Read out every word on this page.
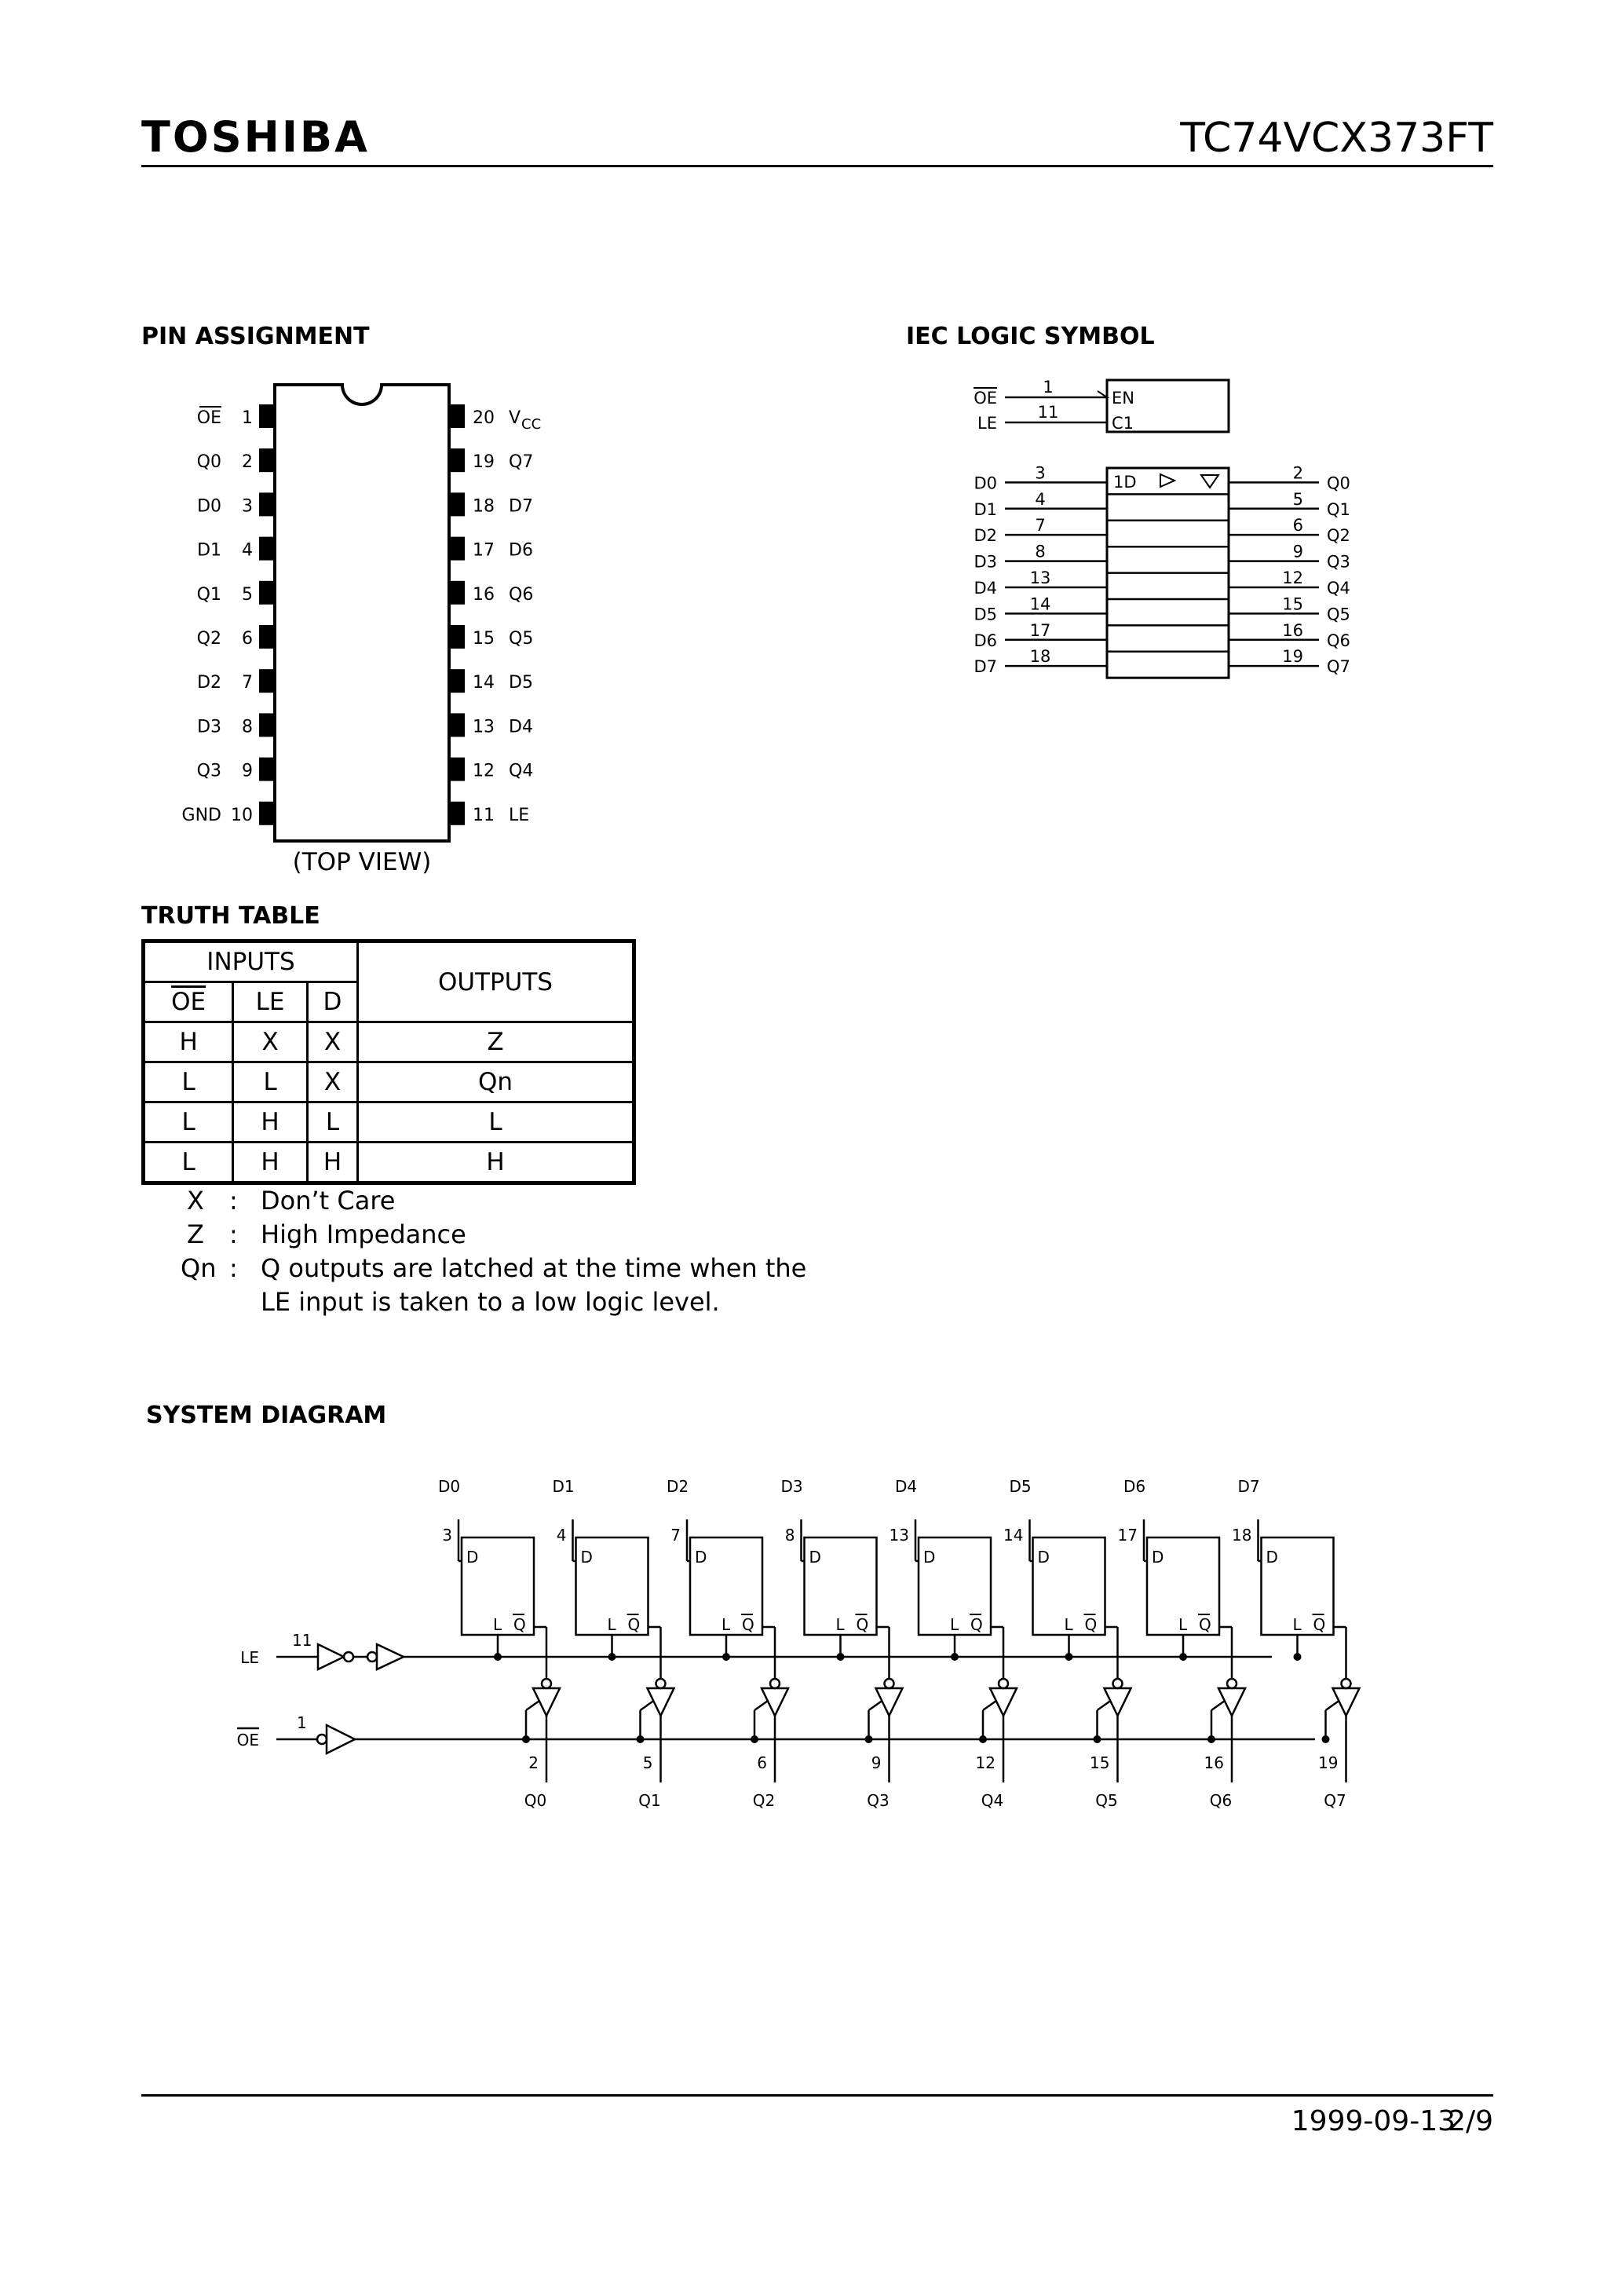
TOSHIBA	TC74VCX373FT
PIN ASSIGNMENT	IEC LOGIC SYMBOL
1
OE
2
Q0
3
D0
4
D1
5
Q1
6
Q2
7
D2
8
D3
9
Q3
10
GND
20 V CC
19 Q7
18 D7
17 D6
16 Q6
15 Q5
14 D5
13 D4
12 Q4
11 LE
(TOP VIEW)
OE
1
EN
LE
11
C1
1D
D0
3
D1
4
D2
7
D3
8
D4
13
D5
14
D6
17
D7
18
Q0
2
Q1
5
Q2
6
Q3
9
Q4
12
Q5
15
Q6
16
Q7
19
TRUTH TABLE
INPUTS			OUTPUTS
$\overline{OE}$	LE	D	
H	X	X	Z
L	L	X	Qn
L	H	L	L
L	H	H	H
X : Don’t Care
Z : High Impedance
Qn : Q outputs are latched at the time when the
LE input is taken to a low logic level.
SYSTEM DIAGRAM
LE
11
OE
1
D0
3
D
L Q
2
Q0
D1
4
D
L Q
5
Q1
D2
7
D
L Q
6
Q2
D3
8
D
L Q
9
Q3
D4
13
D
L Q
12
Q4
D5
14
D
L Q
15
Q5
D6
17
D
L Q
16
Q6
D7
18
D
L Q
19
Q7
1999-09-13
2/9
